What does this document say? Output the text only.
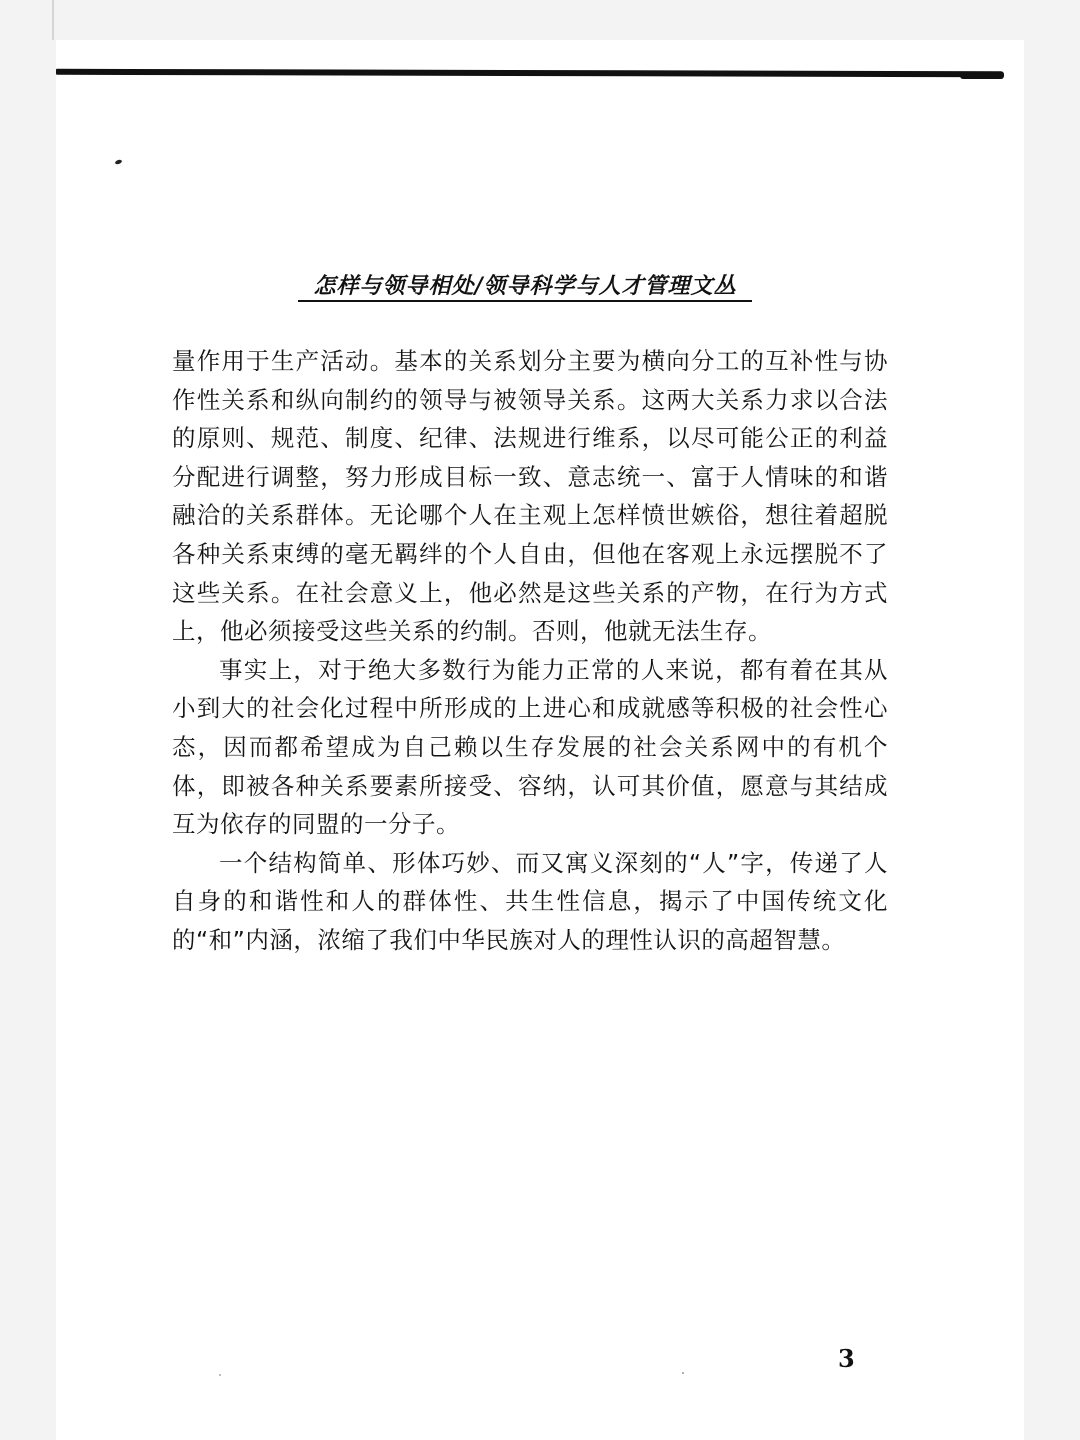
怎样与领导相处/领导科学与人才管理文丛

量作用于生产活动。基本的关系划分主要为横向分工的互补性与协作性关系和纵向制约的领导与被领导关系。这两大关系力求以合法的原则、规范、制度、纪律、法规进行维系，以尽可能公正的利益分配进行调整，努力形成目标一致、意志统一、富于人情味的和谐融洽的关系群体。无论哪个人在主观上怎样愤世嫉俗，想往着超脱各种关系束缚的毫无羁绊的个人自由，但他在客观上永远摆脱不了这些关系。在社会意义上，他必然是这些关系的产物，在行为方式上，他必须接受这些关系的约制。否则，他就无法生存。

事实上，对于绝大多数行为能力正常的人来说，都有着在其从小到大的社会化过程中所形成的上进心和成就感等积极的社会性心态，因而都希望成为自己赖以生存发展的社会关系网中的有机个体，即被各种关系要素所接受、容纳，认可其价值，愿意与其结成互为依存的同盟的一分子。

一个结构简单、形体巧妙、而又寓义深刻的“人”字，传递了人自身的和谐性和人的群体性、共生性信息，揭示了中国传统文化的“和”内涵，浓缩了我们中华民族对人的理性认识的高超智慧。

3
